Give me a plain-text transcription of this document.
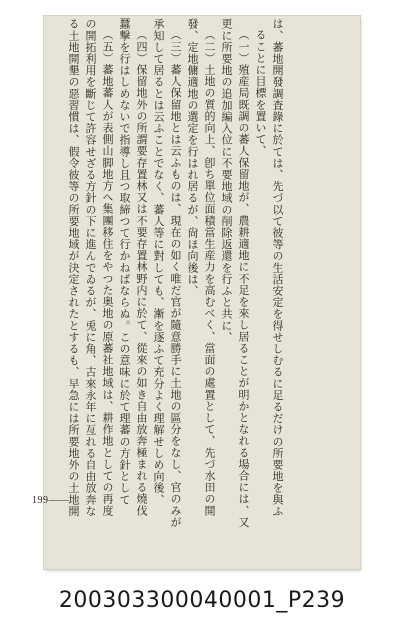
は、蕃地開發調査錄に於ては、先づ以て彼等の生活安定を得せしむるに足るだけの所要地を與ふ
ることに目標を置いて、
（一）殖産局既調の蕃人保留地が、農耕適地に不足を來し居ることが明かとなれる場合には、又
更に所要地の追加編入位に不要地域の削除返還を行ふと共に、
（二）土地の質的向上、卽ち單位面積當生産力を高むべく、當面の處置として、先づ水田の開
發、定地傭適地の選定を行はれ居るが、尙ほ向後は、
（三）蕃人保留地とは云ふものは、現在の如く唯だ官が隨意勝手に土地の區分をなし、官のみが
承知して居るとは云ふことでなく、蕃人等に對しても、漸を逐ふて充分よく理解せしめ向後、
（四）保留地外の所謂要存置林又は不要存置林野内に於て、從來の如き自由放奔極まれる燒伐
蠶撃を行はしめないで指導し且つ取締つて行かねばならぬ。この意味に於て理蕃の方針として
（五）蕃地蕃人が表側山脚地方へ集團移住をやつた奥地の原蕃社地域は、耕作地としての再度
の開拓利用を斷じて許容せざる方針の下に進んでゐるが、兎に角、古來永年に亙れる自由放奔な
る土地開墾の惡習慣は、假令彼等の所要地域が決定されたとするも、早急には所要地外の土地開
199——
200303300040001_P239
